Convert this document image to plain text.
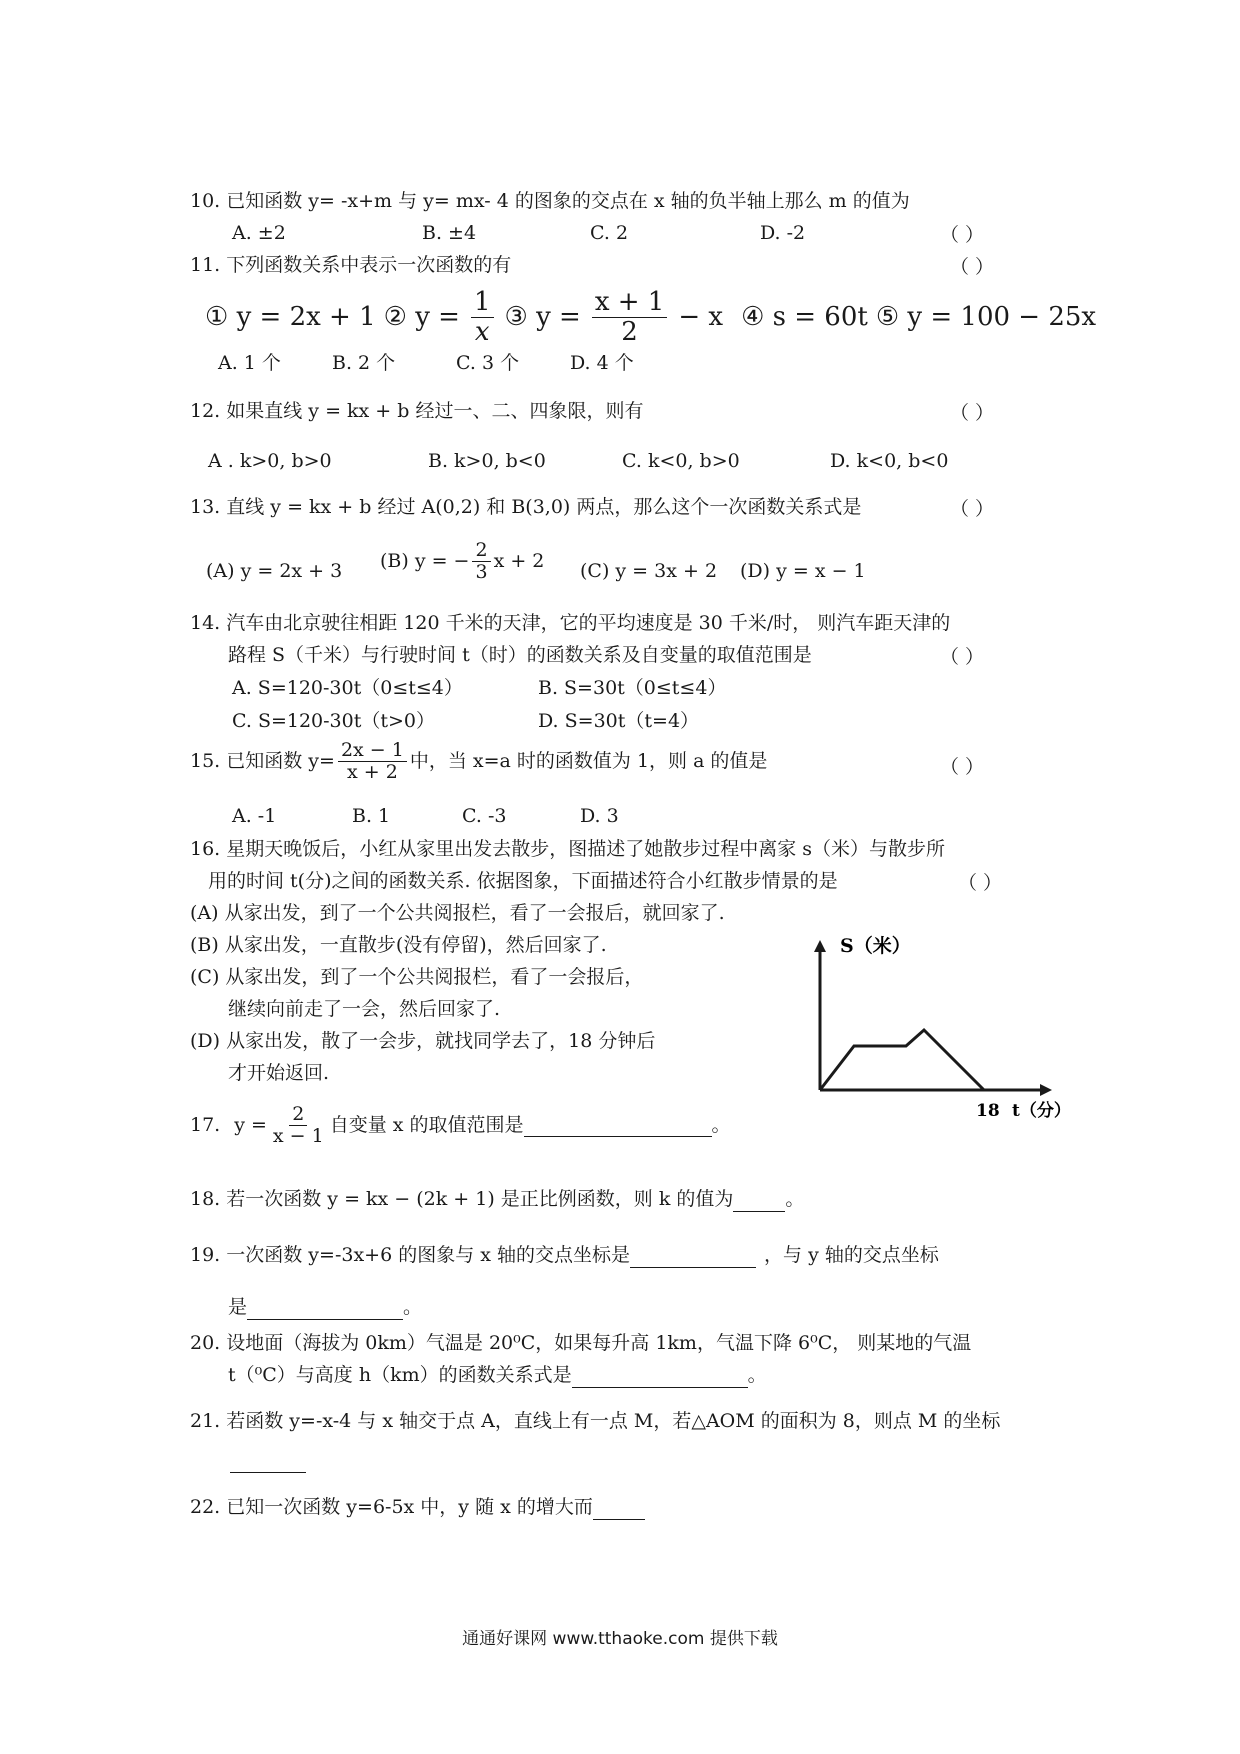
10. 已知函数 y= -x+m 与 y= mx- 4 的图象的交点在 x 轴的负半轴上那么 m 的值为
A. ±2	B. ±4	C. 2	D. -2	（ ）
11. 下列函数关系中表示一次函数的有	（ ）
① y = 2x + 1 ② $y = \frac{1}{x}$ ③ $y = \frac{x + 1}{2} - x$ ④ s = 60t ⑤ y = 100 − 25x
A. 1 个	B. 2 个	C. 3 个	D. 4 个
12. 如果直线 y = kx + b 经过一、二、四象限，则有	（ ）
A . k>0, b>0	B. k>0, b<0	C. k<0, b>0	D. k<0, b<0
13. 直线 y = kx + b 经过 A(0,2) 和 B(3,0) 两点，那么这个一次函数关系式是	（ ）
(A) y = 2x + 3 (B) y = − $\frac{2}{3}$ x + 2 (C) y = 3x + 2 (D) y = x − 1
14. 汽车由北京驶往相距 120 千米的天津，它的平均速度是 30 千米/时， 则汽车距天津的
路程 S（千米）与行驶时间 t（时）的函数关系及自变量的取值范围是	（ ）
A. S=120-30t（0≤t≤4）	B. S=30t（0≤t≤4）
C. S=120-30t（t>0）	D. S=30t（t=4）
15. 已知函数 $y= \frac{2x - 1}{x + 2}$ 中，当 x=a 时的函数值为 1，则 a 的值是	（ ）
A. -1	B. 1	C. -3	D. 3
16. 星期天晚饭后，小红从家里出发去散步，图描述了她散步过程中离家 s（米）与散步所
用的时间 t(分)之间的函数关系. 依据图象，下面描述符合小红散步情景的是	（ ）
(A) 从家出发，到了一个公共阅报栏，看了一会报后，就回家了.
(B) 从家出发，一直散步(没有停留)，然后回家了.
(C) 从家出发，到了一个公共阅报栏，看了一会报后，
继续向前走了一会，然后回家了.
(D) 从家出发，散了一会步，就找同学去了，18 分钟后
才开始返回.
S（米）
18 t（分）
17. $y = \frac{2}{x - 1}$ 自变量 x 的取值范围是	。
18. 若一次函数 y = kx − (2k + 1) 是正比例函数，则 k 的值为	。
19. 一次函数 y=-3x+6 的图象与 x 轴的交点坐标是	，与 y 轴的交点坐标
是	。
20. 设地面（海拔为 0km）气温是 20⁰C，如果每升高 1km，气温下降 6⁰C， 则某地的气温
t（⁰C）与高度 h（km）的函数关系式是	。
21. 若函数 y=-x-4 与 x 轴交于点 A，直线上有一点 M，若△AOM 的面积为 8，则点 M 的坐标
22. 已知一次函数 y=6-5x 中，y 随 x 的增大而
通通好课网 www.tthaoke.com 提供下载
